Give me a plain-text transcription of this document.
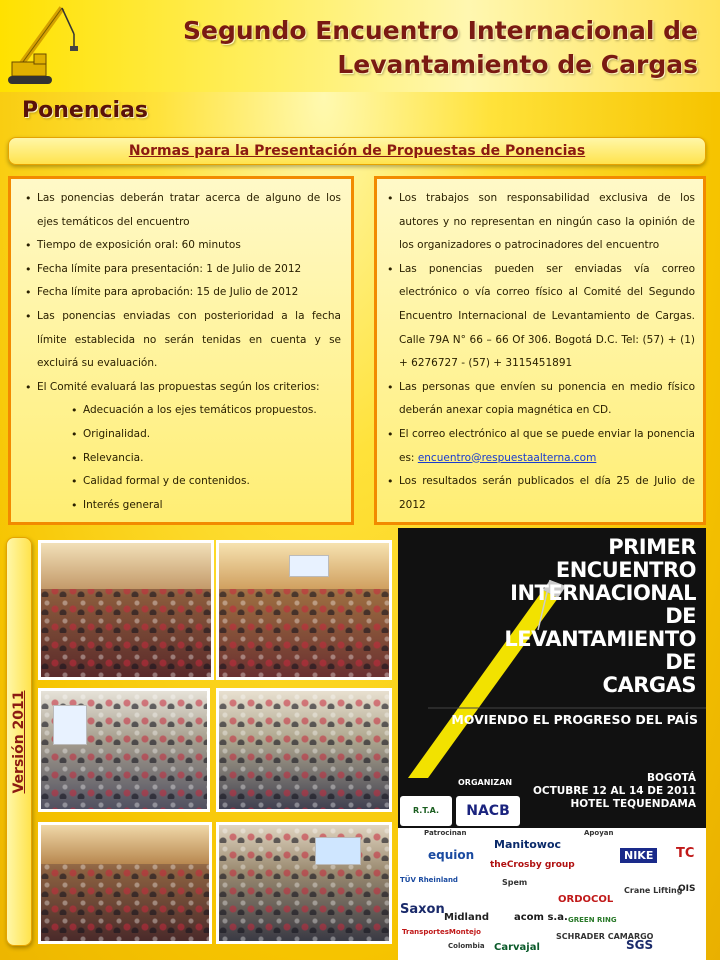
Segundo Encuentro Internacional de
Levantamiento de Cargas
Ponencias
Normas para la Presentación de Propuestas de Ponencias
• Las ponencias deberán tratar acerca de alguno de los ejes temáticos del encuentro
• Tiempo de exposición oral: 60 minutos
• Fecha límite para presentación: 1 de Julio de 2012
• Fecha límite para aprobación: 15 de Julio de 2012
• Las ponencias enviadas con posterioridad a la fecha límite establecida no serán tenidas en cuenta y se excluirá su evaluación.
• El Comité evaluará las propuestas según los criterios:
• Adecuación a los ejes temáticos propuestos.
• Originalidad.
• Relevancia.
• Calidad formal y de contenidos.
• Interés general
• Los trabajos son responsabilidad exclusiva de los autores y no representan en ningún caso la opinión de los organizadores o patrocinadores del encuentro
• Las ponencias pueden ser enviadas vía correo electrónico o vía correo físico al Comité del Segundo Encuentro Internacional de Levantamiento de Cargas. Calle 79A N° 66 – 66 Of 306. Bogotá D.C. Tel: (57) + (1) + 6276727 - (57) + 3115451891
• Las personas que envíen su ponencia en medio físico deberán anexar copia magnética en CD.
• El correo electrónico al que se puede enviar la ponencia es: encuentro@respuestaalterna.com
• Los resultados serán publicados el día 25 de Julio de 2012
Versión 2011
PRIMER ENCUENTRO
INTERNACIONAL DE
LEVANTAMIENTO DE
CARGAS
MOVIENDO EL PROGRESO DEL PAÍS
ORGANIZAN	BOGOTÁ
OCTUBRE 12 AL 14 DE 2011
HOTEL TEQUENDAMA
R.T.A.	NACB
Patrocinan	Apoyan
equion
Manitowoc
theCrosby group
Spem
Saxon
Midland	acom s.a.
ORDOCOL
Crane Lifting
NIKE	TC
OIS
Carvajal
SCHRADER CAMARGO
SGS
GREEN RING
TransportesMontejo
TÜV Rheinland
Colombia
